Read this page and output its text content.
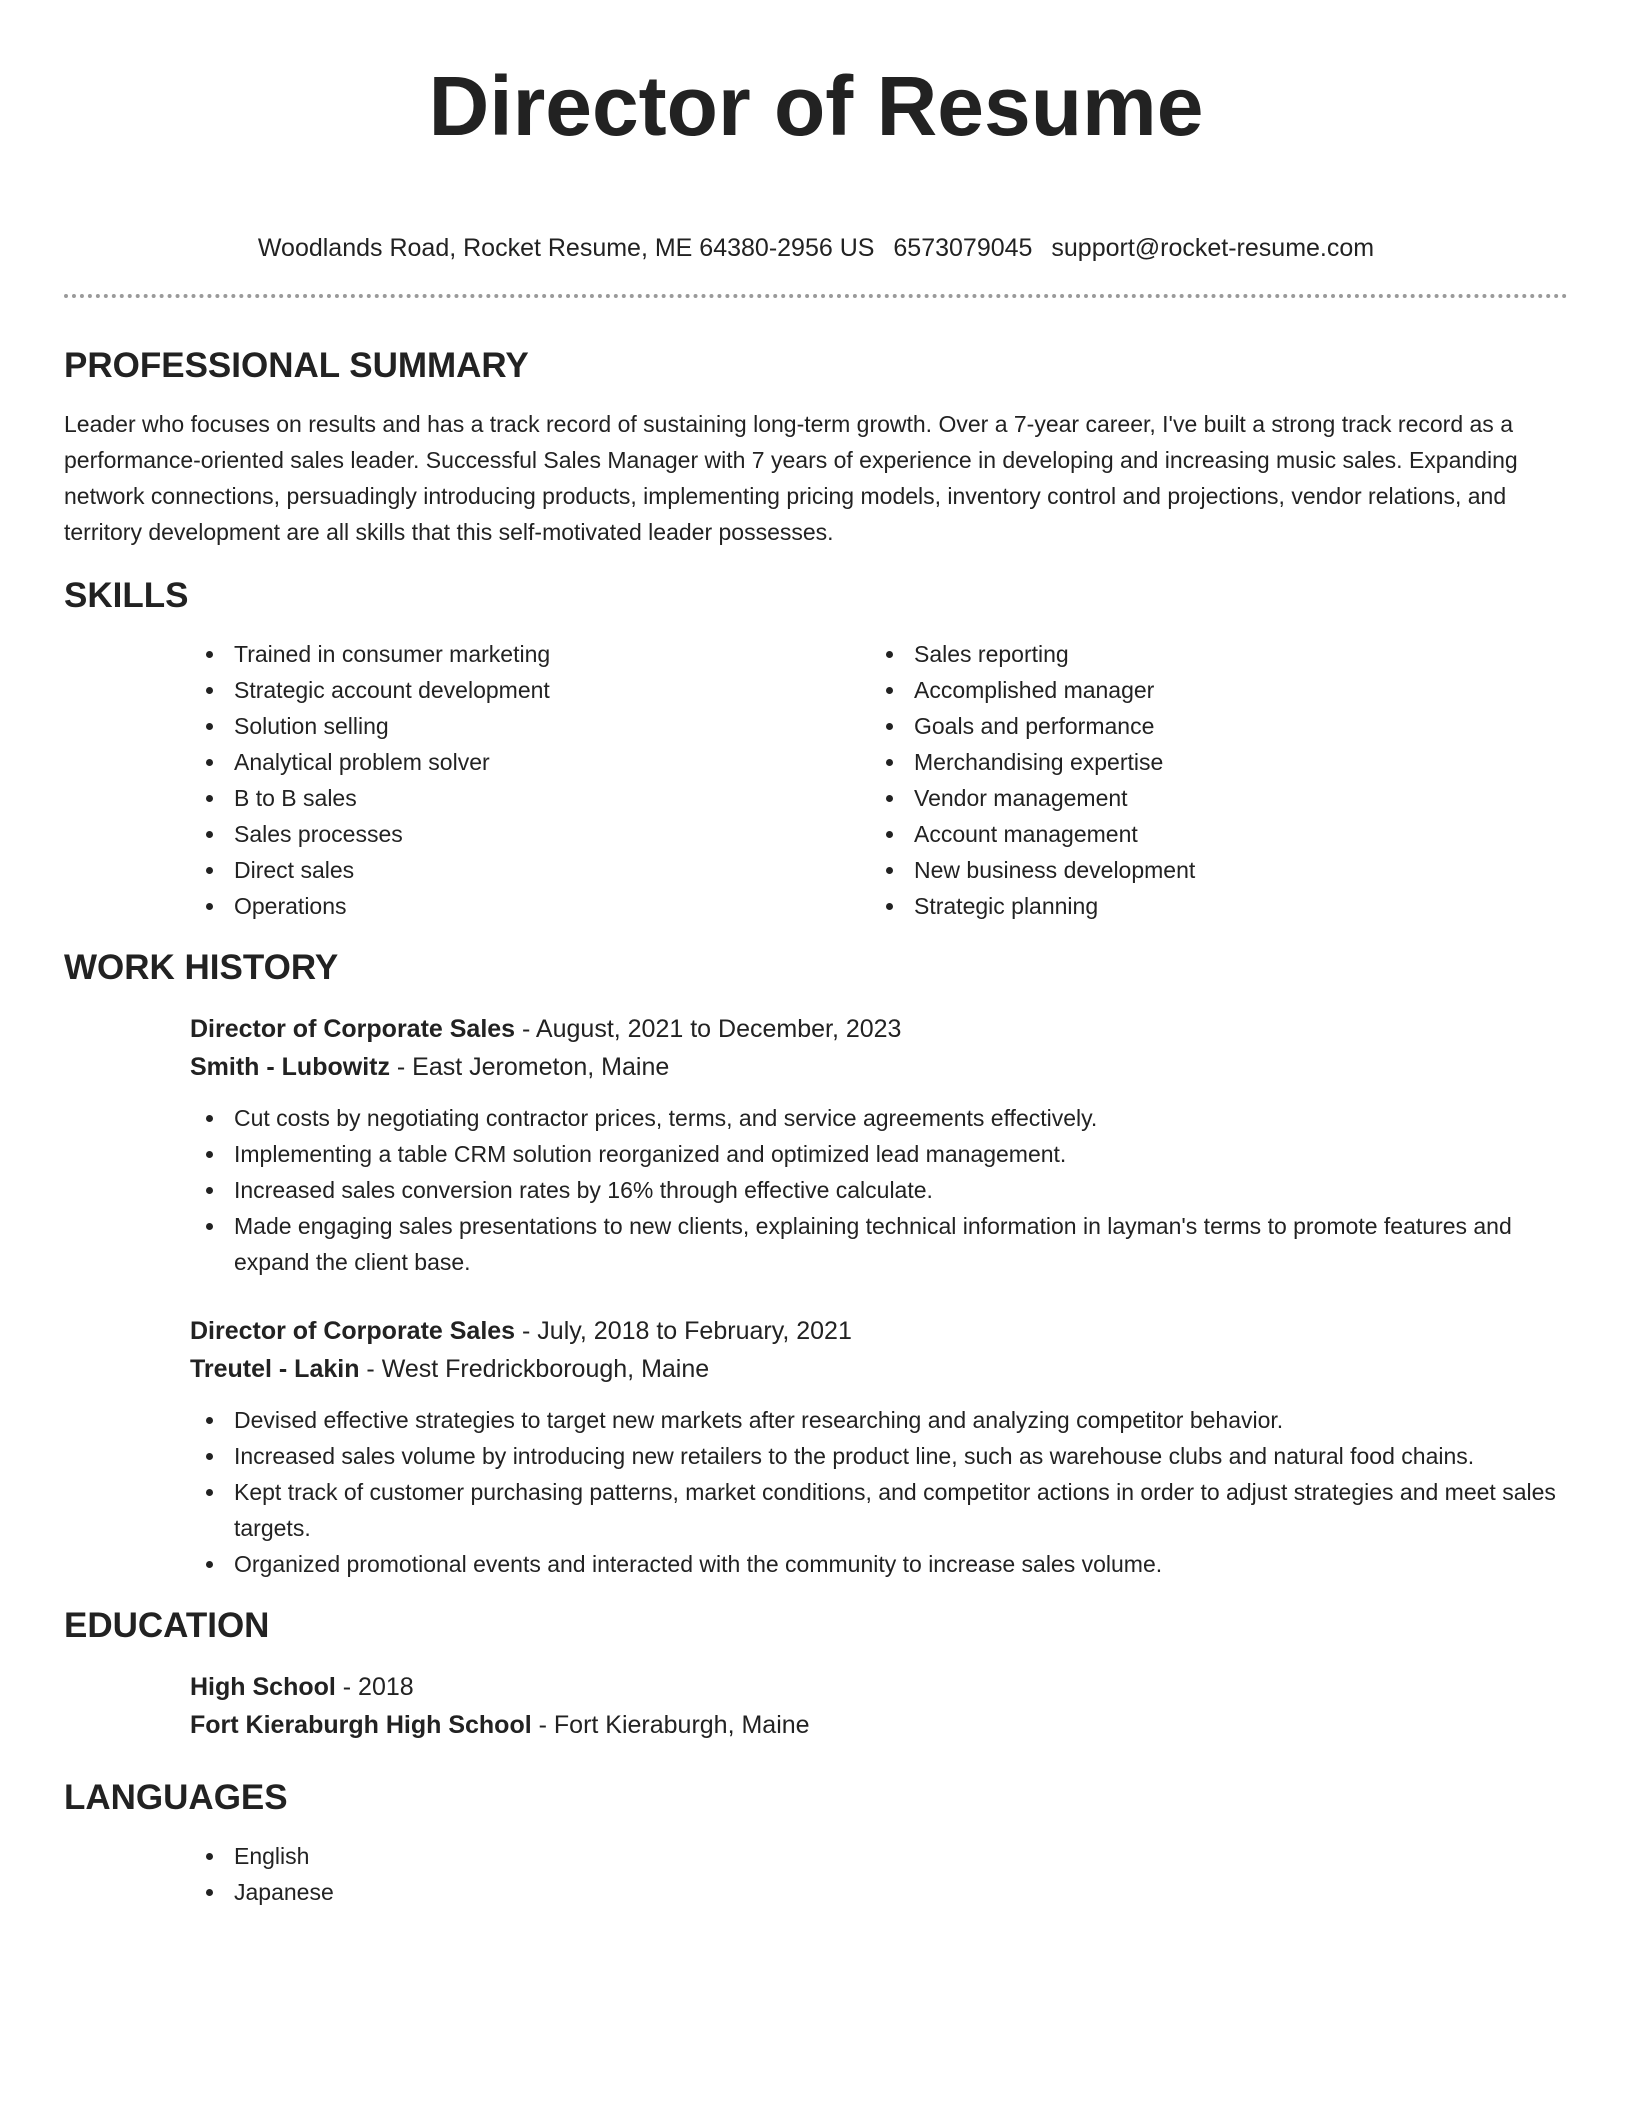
Director of Resume
Woodlands Road, Rocket Resume, ME 64380-2956 US 6573079045 support@rocket-resume.com
PROFESSIONAL SUMMARY

Leader who focuses on results and has a track record of sustaining long-term growth. Over a 7-year career, I've built a strong track record as a performance-oriented sales leader. Successful Sales Manager with 7 years of experience in developing and increasing music sales. Expanding network connections, persuadingly introducing products, implementing pricing models, inventory control and projections, vendor relations, and territory development are all skills that this self-motivated leader possesses.

SKILLS
Trained in consumer marketing
Strategic account development
Solution selling
Analytical problem solver
B to B sales
Sales processes
Direct sales
Operations
Sales reporting
Accomplished manager
Goals and performance
Merchandising expertise
Vendor management
Account management
New business development
Strategic planning
WORK HISTORY
Director of Corporate Sales - August, 2021 to December, 2023
Smith - Lubowitz - East Jerometon, Maine
Cut costs by negotiating contractor prices, terms, and service agreements effectively.
Implementing a table CRM solution reorganized and optimized lead management.
Increased sales conversion rates by 16% through effective calculate.
Made engaging sales presentations to new clients, explaining technical information in layman's terms to promote features and expand the client base.
Director of Corporate Sales - July, 2018 to February, 2021
Treutel - Lakin - West Fredrickborough, Maine
Devised effective strategies to target new markets after researching and analyzing competitor behavior.
Increased sales volume by introducing new retailers to the product line, such as warehouse clubs and natural food chains.
Kept track of customer purchasing patterns, market conditions, and competitor actions in order to adjust strategies and meet sales targets.
Organized promotional events and interacted with the community to increase sales volume.
EDUCATION
High School - 2018
Fort Kieraburgh High School - Fort Kieraburgh, Maine
LANGUAGES
English
Japanese
